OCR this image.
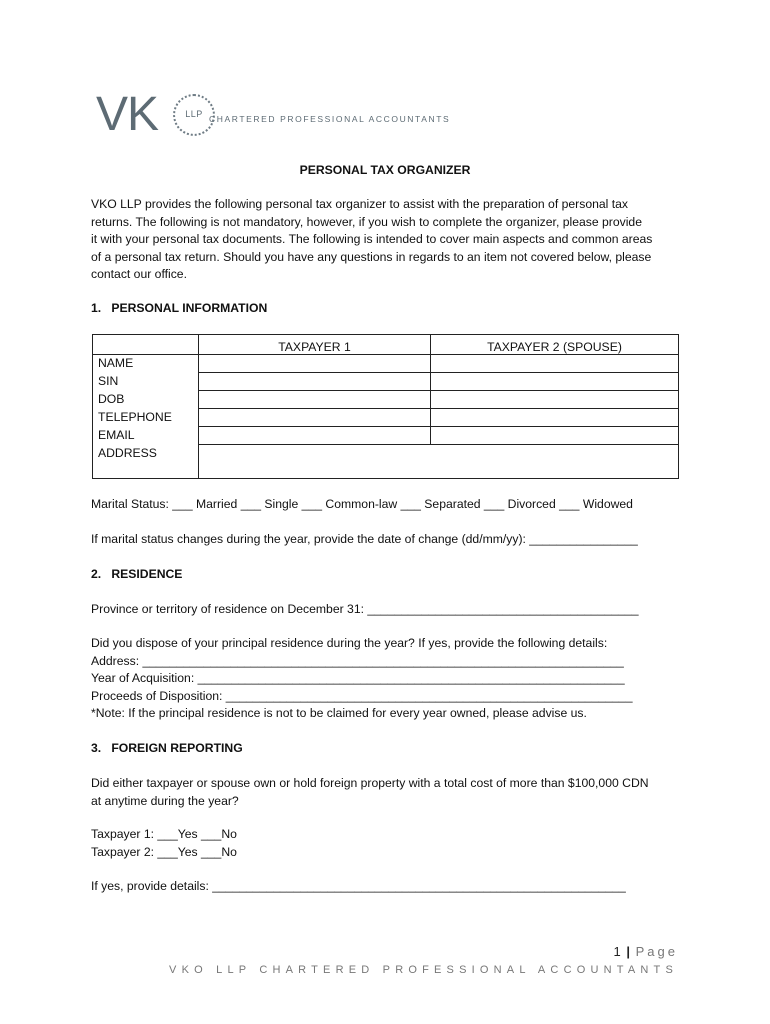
VK	LLP CHARTERED PROFESSIONAL ACCOUNTANTS
PERSONAL TAX ORGANIZER
VKO LLP provides the following personal tax organizer to assist with the preparation of personal tax
returns. The following is not mandatory, however, if you wish to complete the organizer, please provide
it with your personal tax documents. The following is intended to cover main aspects and common areas
of a personal tax return. Should you have any questions in regards to an item not covered below, please
contact our office.
1.   PERSONAL INFORMATION
	TAXPAYER 1	TAXPAYER 2 (SPOUSE)
NAME		
SIN		
DOB		
TELEPHONE		
EMAIL		
ADDRESS		
Marital Status: ___ Married ___ Single ___ Common-law ___ Separated ___ Divorced ___ Widowed
If marital status changes during the year, provide the date of change (dd/mm/yy): ________________
2.   RESIDENCE
Province or territory of residence on December 31: ________________________________________
Did you dispose of your principal residence during the year? If yes, provide the following details:
Address: _______________________________________________________________________
Year of Acquisition: _______________________________________________________________
Proceeds of Disposition: ____________________________________________________________
*Note: If the principal residence is not to be claimed for every year owned, please advise us.
3.   FOREIGN REPORTING
Did either taxpayer or spouse own or hold foreign property with a total cost of more than $100,000 CDN
at anytime during the year?
Taxpayer 1: ___Yes ___No
Taxpayer 2: ___Yes ___No
If yes, provide details: _____________________________________________________________
1 | Page
VKO LLP CHARTERED PROFESSIONAL ACCOUNTANTS
